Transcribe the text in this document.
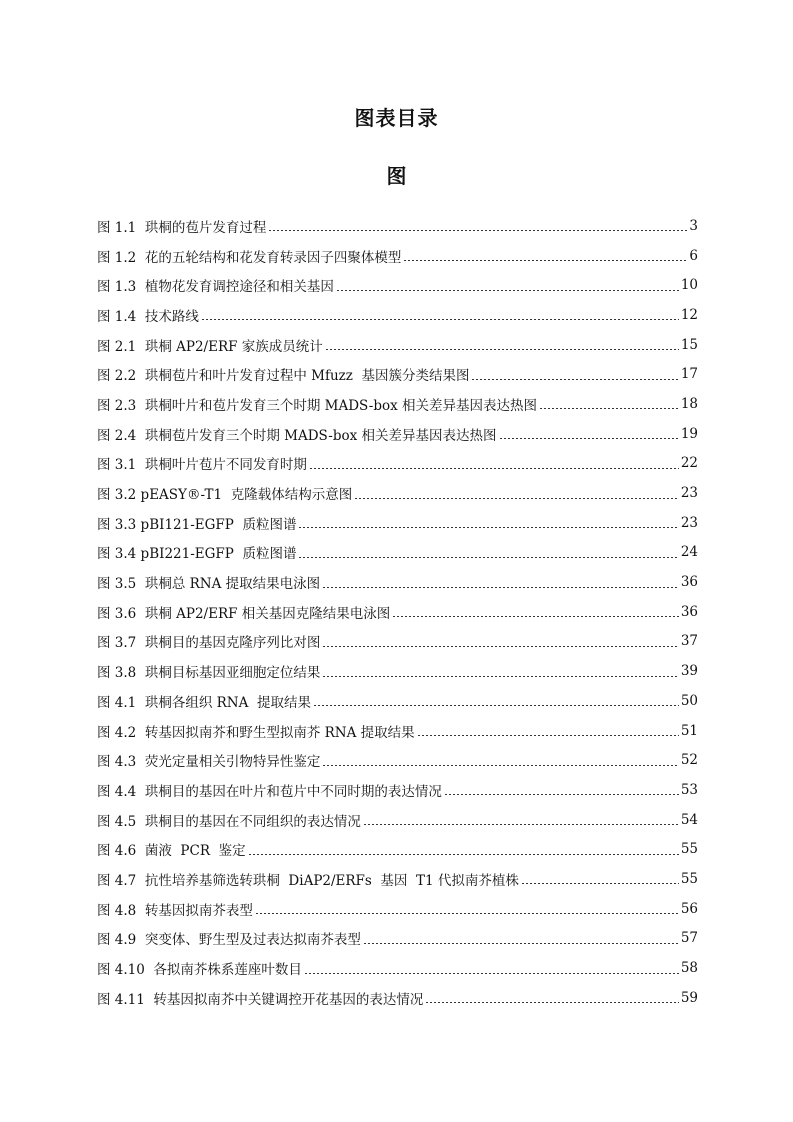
图表目录
图
图 1.1  珙桐的苞片发育过程	3
图 1.2  花的五轮结构和花发育转录因子四聚体模型	6
图 1.3  植物花发育调控途径和相关基因	10
图 1.4  技术路线	12
图 2.1  珙桐 AP2/ERF 家族成员统计	15
图 2.2  珙桐苞片和叶片发育过程中 Mfuzz  基因簇分类结果图	17
图 2.3  珙桐叶片和苞片发育三个时期 MADS-box 相关差异基因表达热图	18
图 2.4  珙桐苞片发育三个时期 MADS-box 相关差异基因表达热图	19
图 3.1  珙桐叶片苞片不同发育时期	22
图 3.2 pEASY®-T1  克隆载体结构示意图	23
图 3.3 pBI121-EGFP  质粒图谱	23
图 3.4 pBI221-EGFP  质粒图谱	24
图 3.5  珙桐总 RNA 提取结果电泳图	36
图 3.6  珙桐 AP2/ERF 相关基因克隆结果电泳图	36
图 3.7  珙桐目的基因克隆序列比对图	37
图 3.8  珙桐目标基因亚细胞定位结果	39
图 4.1  珙桐各组织 RNA  提取结果	50
图 4.2  转基因拟南芥和野生型拟南芥 RNA 提取结果	51
图 4.3  荧光定量相关引物特异性鉴定	52
图 4.4  珙桐目的基因在叶片和苞片中不同时期的表达情况	53
图 4.5  珙桐目的基因在不同组织的表达情况	54
图 4.6  菌液  PCR  鉴定	55
图 4.7  抗性培养基筛选转珙桐  DiAP2/ERFs  基因  T1 代拟南芥植株	55
图 4.8  转基因拟南芥表型	56
图 4.9  突变体、野生型及过表达拟南芥表型	57
图 4.10  各拟南芥株系莲座叶数目	58
图 4.11  转基因拟南芥中关键调控开花基因的表达情况	59
